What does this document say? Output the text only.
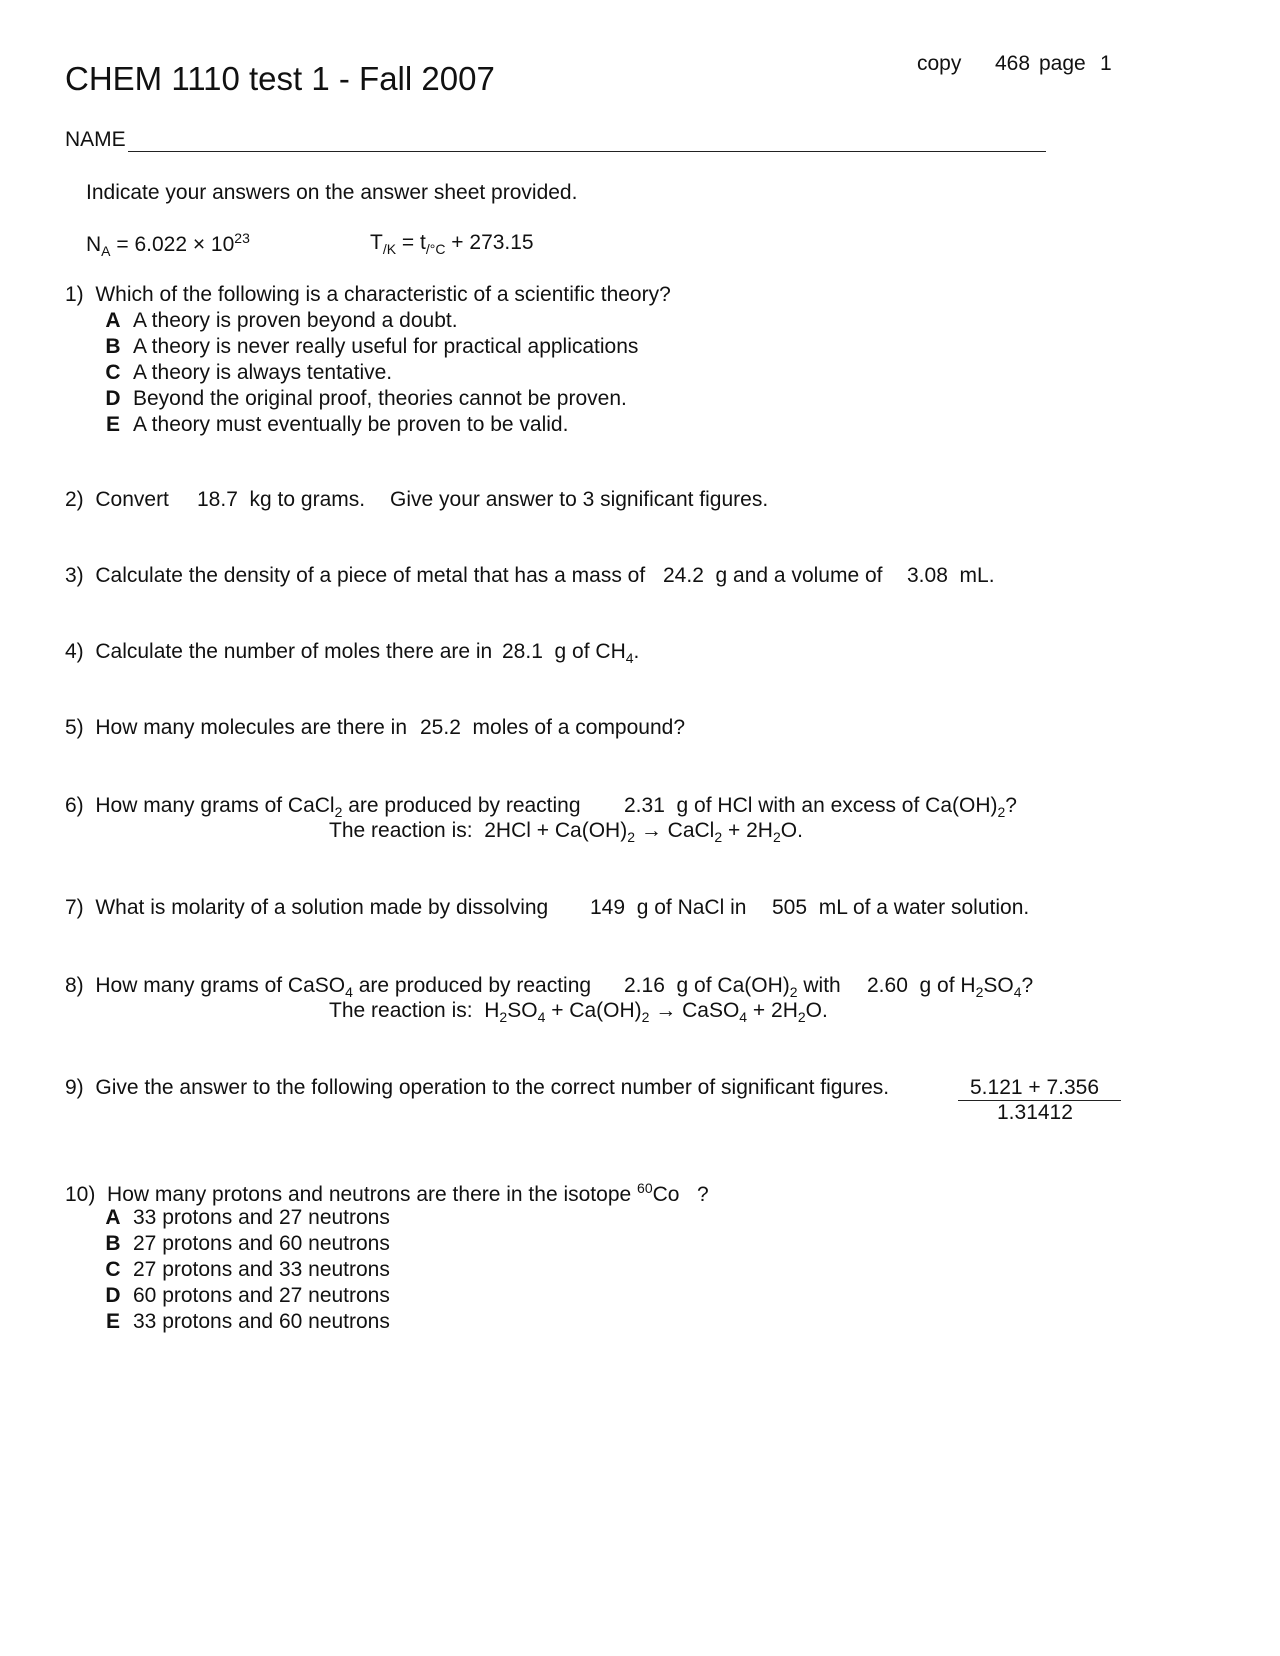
CHEM 1110 test 1 - Fall 2007	copy 468 page 1
NAME
Indicate your answers on the answer sheet provided.
$N_A = 6.022 \times 10^{23}$	$T_{/K} = t_{/^\circ C} + 273.15$
1) Which of the following is a characteristic of a scientific theory?
A A theory is proven beyond a doubt.
B A theory is never really useful for practical applications
C A theory is always tentative.
D Beyond the original proof, theories cannot be proven.
E A theory must eventually be proven to be valid.
2) Convert 18.7 kg to grams. Give your answer to 3 significant figures.
3) Calculate the density of a piece of metal that has a mass of 24.2 g and a volume of 3.08 mL.
4) Calculate the number of moles there are in 28.1 g of $CH_4$.
5) How many molecules are there in 25.2 moles of a compound?
6) How many grams of CaCl$_2$ are produced by reacting 2.31 g of HCl with an excess of $Ca(OH)_2$?
The reaction is: $2HCl + Ca(OH)_2$ → CaCl$_2$ + $2H_2O$.
7) What is molarity of a solution made by dissolving 149 g of NaCl in 505 mL of a water solution.
8) How many grams of CaSO$_4$ are produced by reacting 2.16 g of $Ca(OH)_2$ with 2.60 g of $H_2SO_4$?
The reaction is: $H_2SO_4 + Ca(OH)_2$ → CaSO$_4$ + $2H_2O$.
9) Give the answer to the following operation to the correct number of significant figures.	5.121 + 7.356
1.31412
10) How many protons and neutrons are there in the isotope $^{60}$Co ?
A 33 protons and 27 neutrons
B 27 protons and 60 neutrons
C 27 protons and 33 neutrons
D 60 protons and 27 neutrons
E 33 protons and 60 neutrons
